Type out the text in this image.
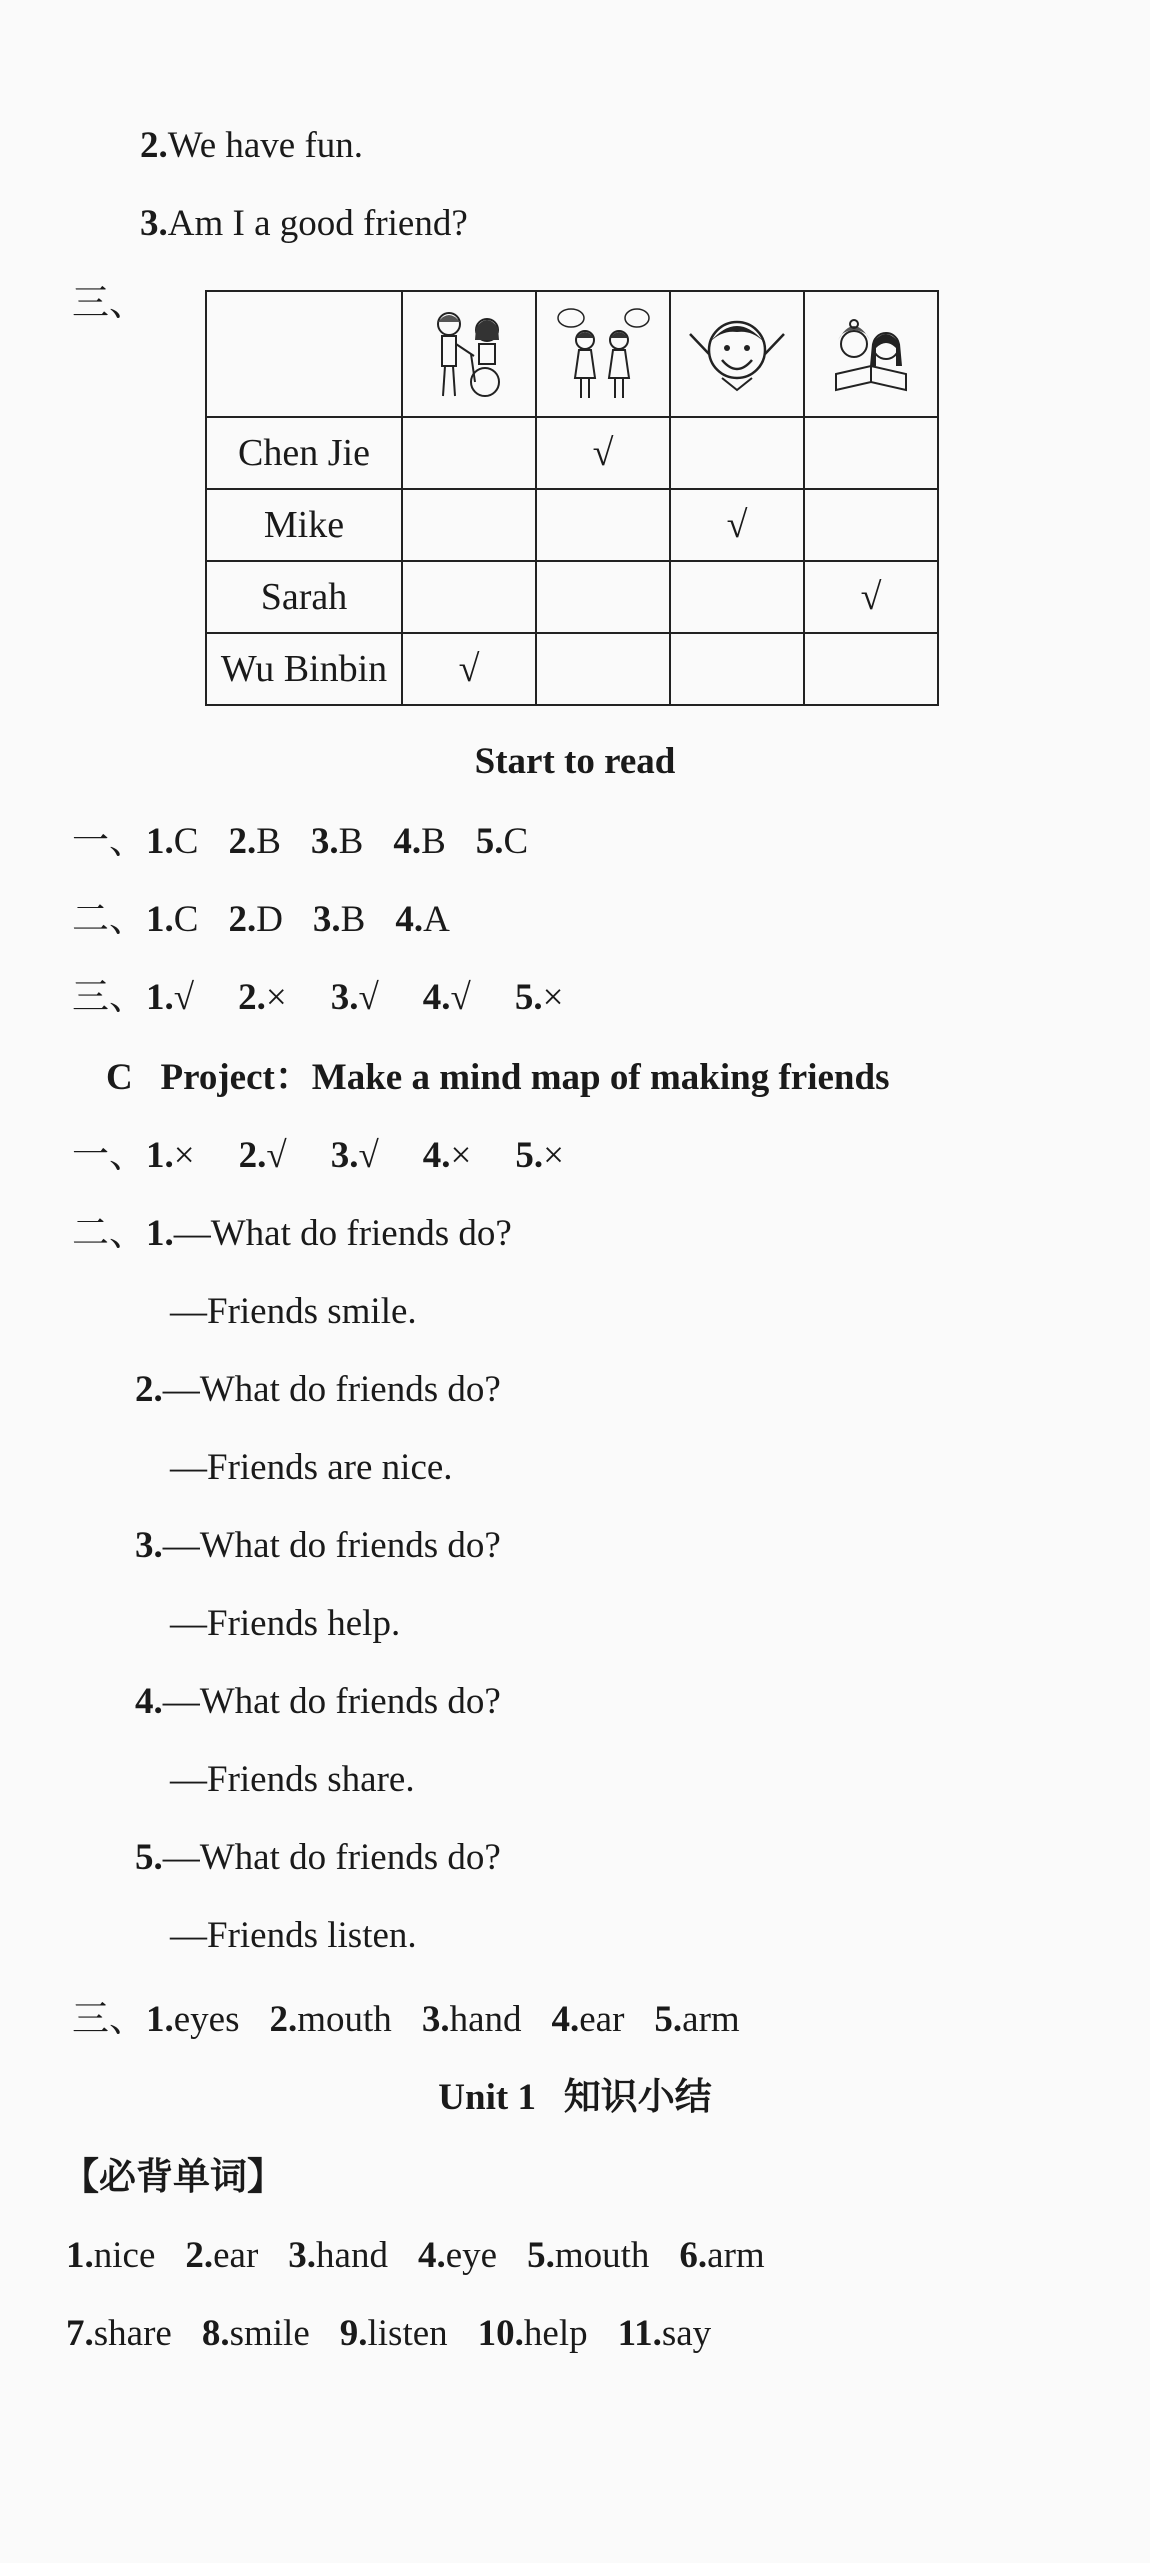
2.We have fun.
3.Am I a good friend?
三、

Chen Jie		√		
Mike			√	
Sarah				√
Wu Binbin	√			
Start to read
一、1.C 2.B 3.B 4.B 5.C
二、1.C 2.D 3.B 4.A
三、1.√ 2.× 3.√ 4.√ 5.×
C   Project：Make a mind map of making friends
一、1.× 2.√ 3.√ 4.× 5.×
二、1.—What do friends do?
—Friends smile.
2.—What do friends do?
—Friends are nice.
3.—What do friends do?
—Friends help.
4.—What do friends do?
—Friends share.
5.—What do friends do?
—Friends listen.
三、1.eyes 2.mouth 3.hand 4.ear 5.arm
Unit 1   知识小结
【必背单词】
1.nice 2.ear 3.hand 4.eye 5.mouth 6.arm
7.share 8.smile 9.listen 10.help 11.say
